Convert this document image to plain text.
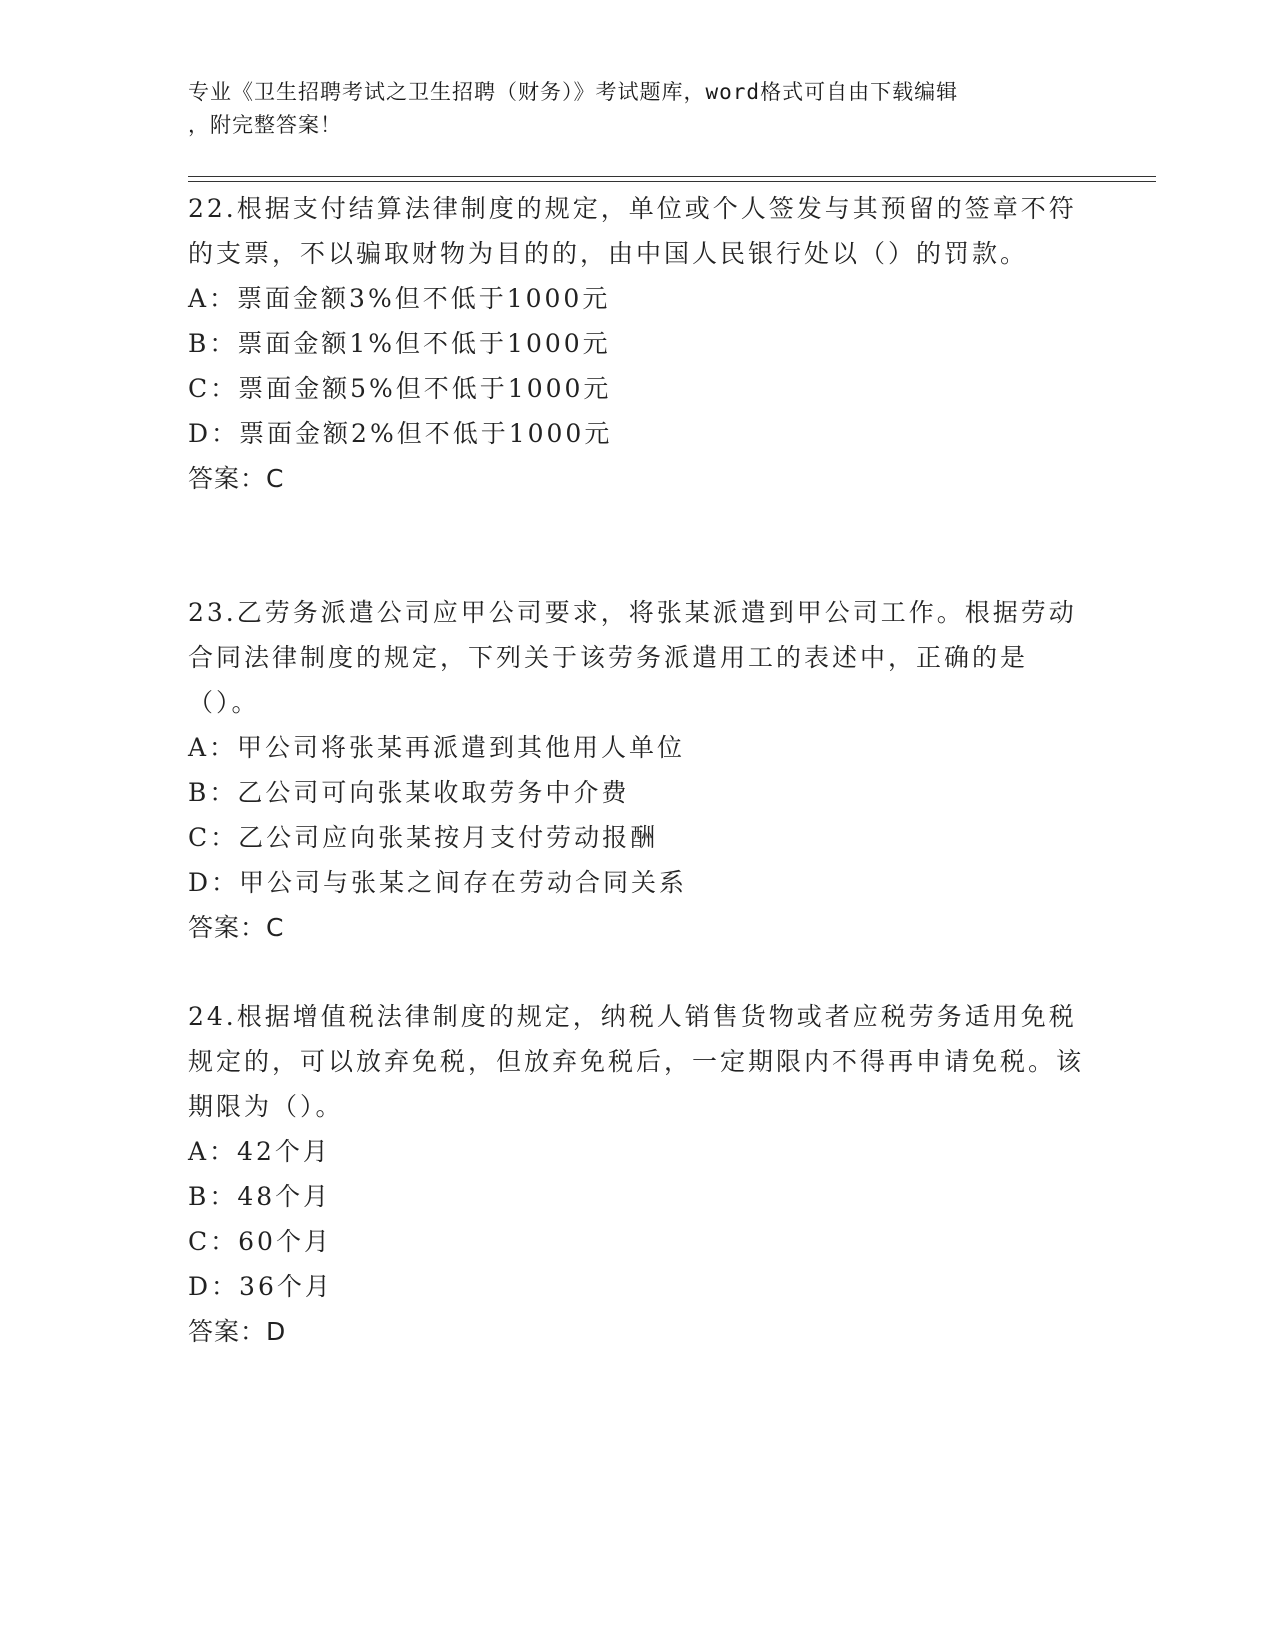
专业《卫生招聘考试之卫生招聘（财务）》考试题库，word格式可自由下载编辑
，附完整答案！

22.根据支付结算法律制度的规定，单位或个人签发与其预留的签章不符的支票，不以骗取财物为目的的，由中国人民银行处以（）的罚款。

A：票面金额3%但不低于1000元

B：票面金额1%但不低于1000元

C：票面金额5%但不低于1000元

D：票面金额2%但不低于1000元

答案：C

23.乙劳务派遣公司应甲公司要求，将张某派遣到甲公司工作。根据劳动合同法律制度的规定，下列关于该劳务派遣用工的表述中，正确的是（）。

A：甲公司将张某再派遣到其他用人单位

B：乙公司可向张某收取劳务中介费

C：乙公司应向张某按月支付劳动报酬

D：甲公司与张某之间存在劳动合同关系

答案：C

24.根据增值税法律制度的规定，纳税人销售货物或者应税劳务适用免税规定的，可以放弃免税，但放弃免税后，一定期限内不得再申请免税。该期限为（）。

A：42个月

B：48个月

C：60个月

D：36个月

答案：D
